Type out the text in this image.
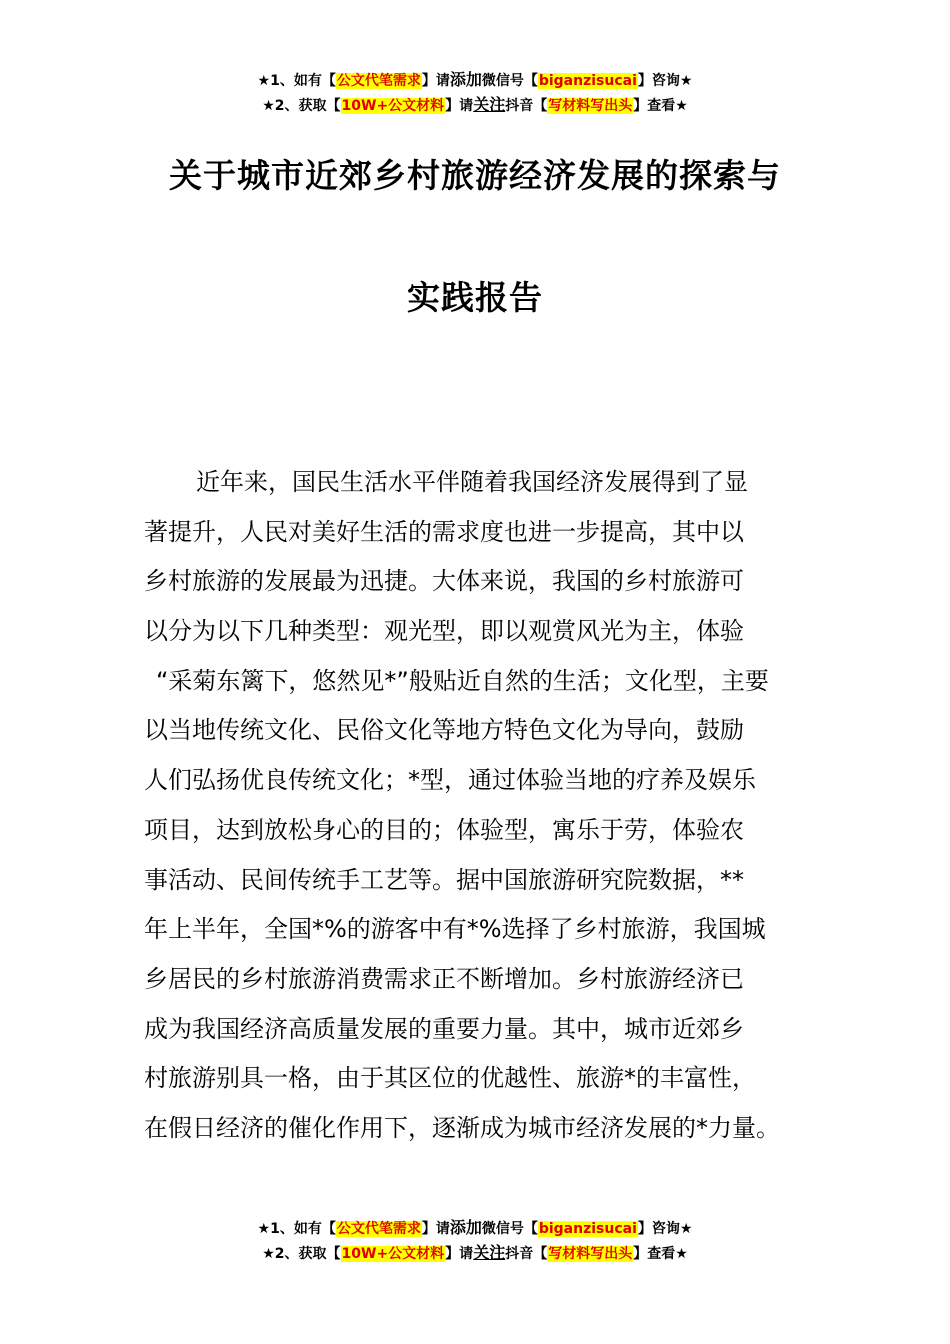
★1、如有【公文代笔需求】请添加微信号【biganzisucai】咨询★
★2、获取【10W+公文材料】请关注抖音【写材料写出头】查看★
关于城市近郊乡村旅游经济发展的探索与
实践报告
近年来，国民生活水平伴随着我国经济发展得到了显
著提升，人民对美好生活的需求度也进一步提高，其中以
乡村旅游的发展最为迅捷。大体来说，我国的乡村旅游可
以分为以下几种类型：观光型，即以观赏风光为主，体验
“采菊东篱下，悠然见*”般贴近自然的生活；文化型，主要
以当地传统文化、民俗文化等地方特色文化为导向，鼓励
人们弘扬优良传统文化；*型，通过体验当地的疗养及娱乐
项目，达到放松身心的目的；体验型，寓乐于劳，体验农
事活动、民间传统手工艺等。据中国旅游研究院数据，**
年上半年，全国*%的游客中有*%选择了乡村旅游，我国城
乡居民的乡村旅游消费需求正不断增加。乡村旅游经济已
成为我国经济高质量发展的重要力量。其中，城市近郊乡
村旅游别具一格，由于其区位的优越性、旅游*的丰富性，
在假日经济的催化作用下，逐渐成为城市经济发展的*力量。
★1、如有【公文代笔需求】请添加微信号【biganzisucai】咨询★
★2、获取【10W+公文材料】请关注抖音【写材料写出头】查看★
